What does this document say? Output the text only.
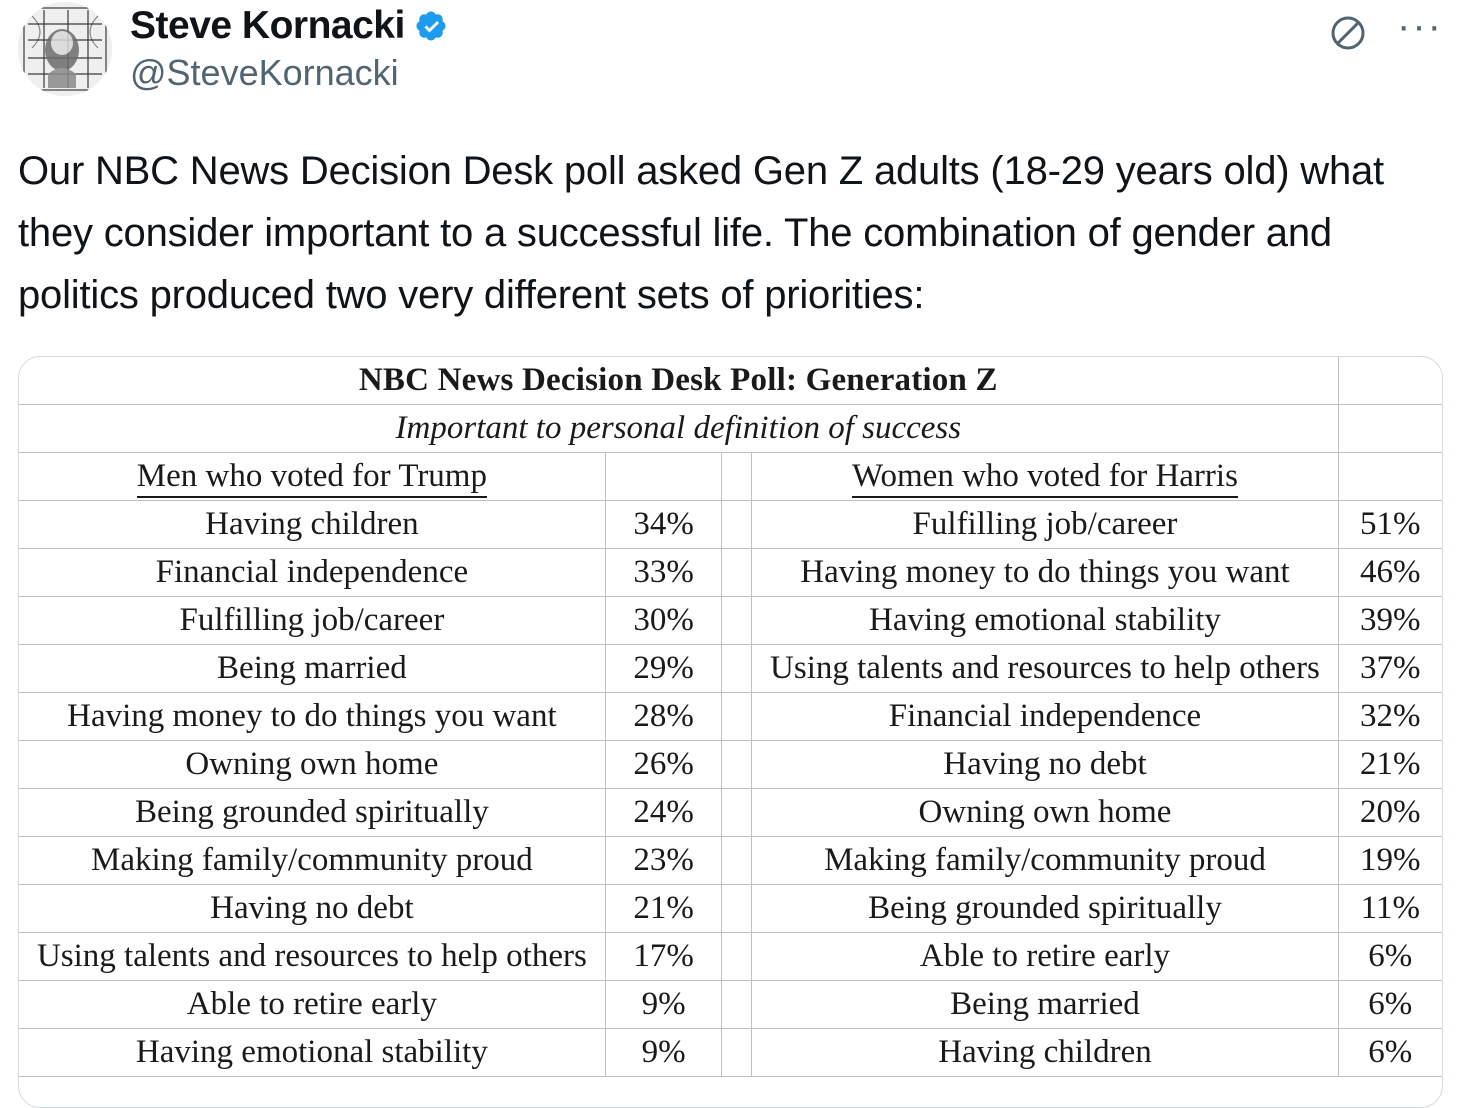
Steve Kornacki
@SteveKornacki
···
Our NBC News Decision Desk poll asked Gen Z adults (18-29 years old) what they consider important to a successful life. The combination of gender and politics produced two very different sets of priorities:
NBC News Decision Desk Poll: Generation Z				
Important to personal definition of success				
Men who voted for Trump			Women who voted for Harris	
Having children	34%		Fulfilling job/career	51%
Financial independence	33%		Having money to do things you want	46%
Fulfilling job/career	30%		Having emotional stability	39%
Being married	29%		Using talents and resources to help others	37%
Having money to do things you want	28%		Financial independence	32%
Owning own home	26%		Having no debt	21%
Being grounded spiritually	24%		Owning own home	20%
Making family/community proud	23%		Making family/community proud	19%
Having no debt	21%		Being grounded spiritually	11%
Using talents and resources to help others	17%		Able to retire early	6%
Able to retire early	9%		Being married	6%
Having emotional stability	9%		Having children	6%
